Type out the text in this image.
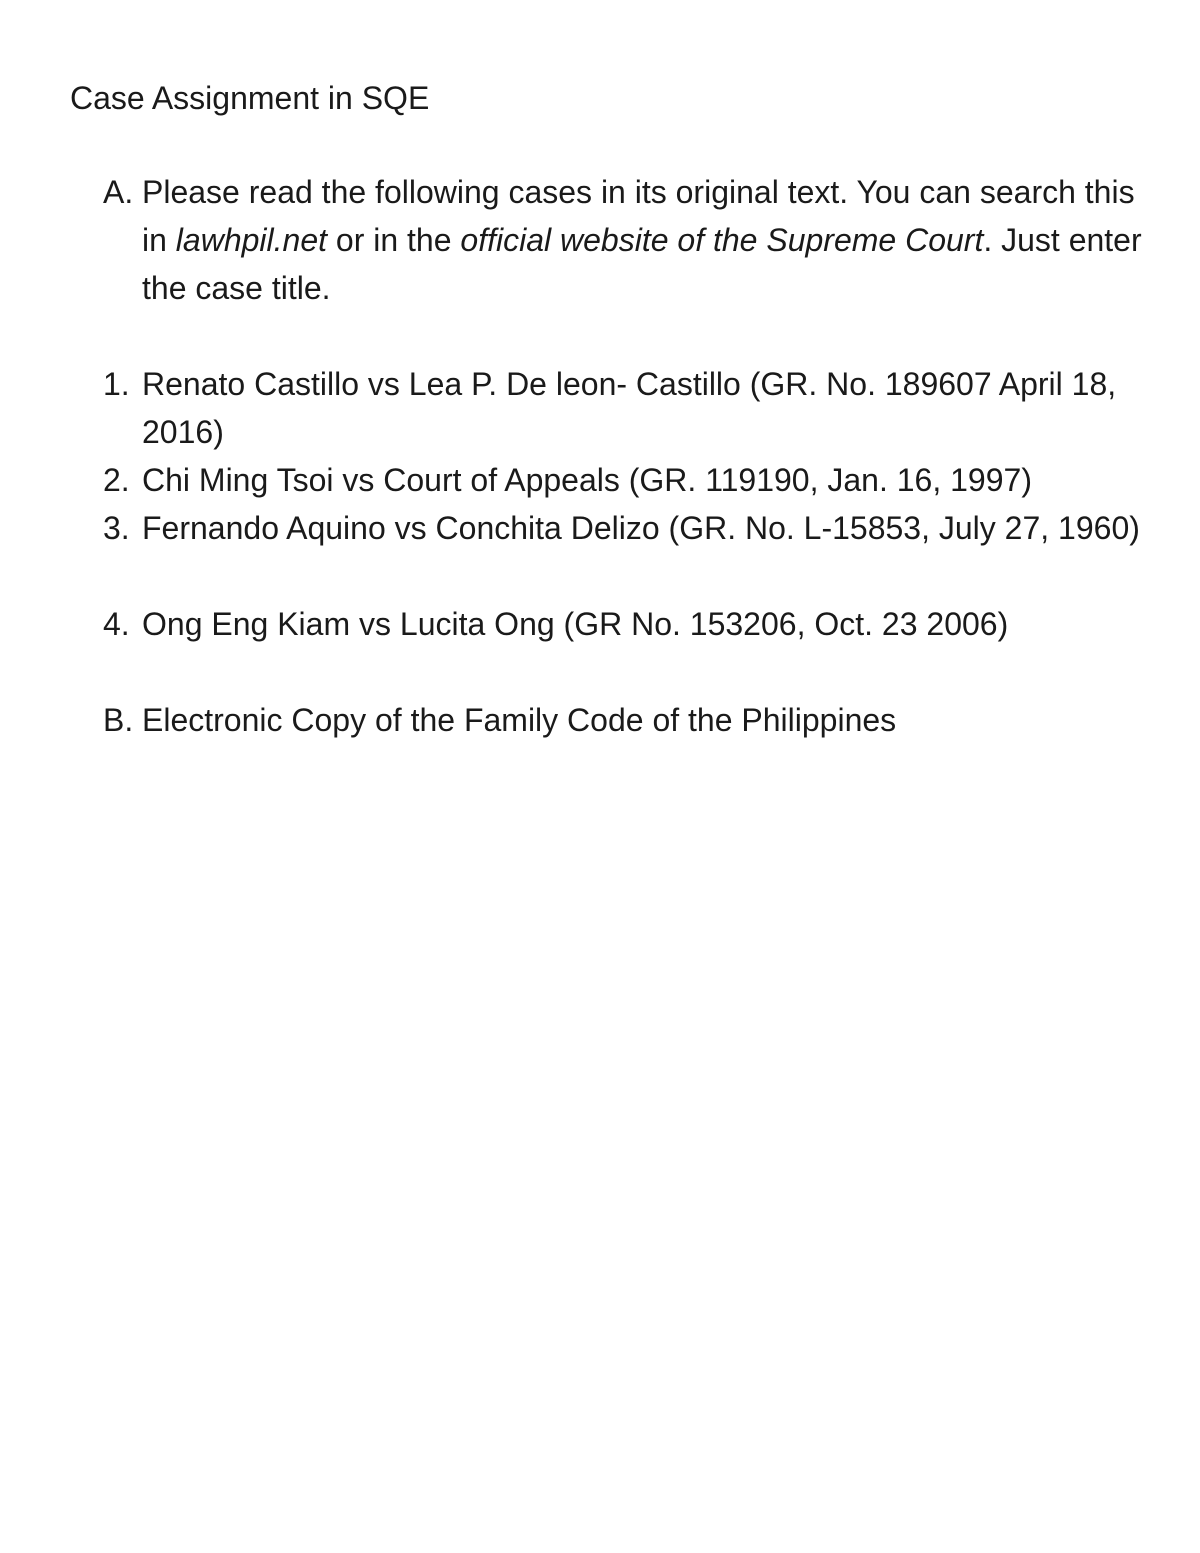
Case Assignment in SQE
A. Please read the following cases in its original text. You can search this in lawhpil.net or in the official website of the Supreme Court. Just enter the case title.
1. Renato Castillo vs Lea P. De leon- Castillo (GR. No. 189607 April 18, 2016)
2. Chi Ming Tsoi vs Court of Appeals (GR. 119190, Jan. 16, 1997)
3. Fernando Aquino vs Conchita Delizo (GR. No. L-15853, July 27, 1960)
4. Ong Eng Kiam vs Lucita Ong (GR No. 153206, Oct. 23 2006)
B. Electronic Copy of the Family Code of the Philippines
